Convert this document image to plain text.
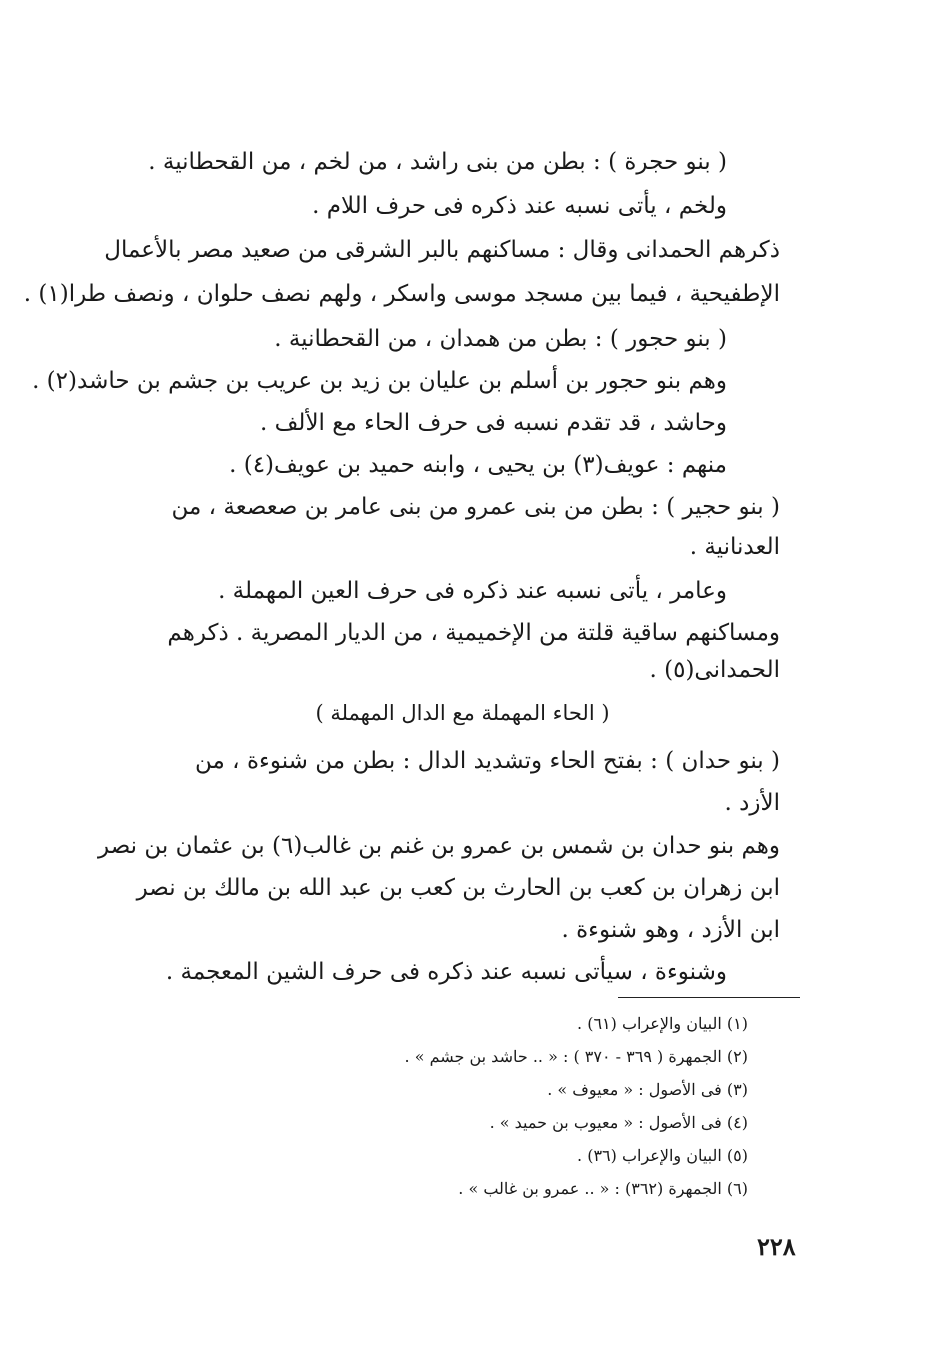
( بنو حجرة ) : بطن من بنى راشد ، من لخم ، من القحطانية .
ولخم ، يأتى نسبه عند ذكره فى حرف اللام .
ذكرهم الحمدانى وقال : مساكنهم بالبر الشرقى من صعيد مصر بالأعمال
الإطفيحية ، فيما بين مسجد موسى واسكر ، ولهم نصف حلوان ، ونصف طرا(١) .
( بنو حجور ) : بطن من همدان ، من القحطانية .
وهم بنو حجور بن أسلم بن عليان بن زيد بن عريب بن جشم بن حاشد(٢) .
وحاشد ، قد تقدم نسبه فى حرف الحاء مع الألف .
منهم : عويف(٣) بن يحيى ، وابنه حميد بن عويف(٤) .
( بنو حجير ) : بطن من بنى عمرو من بنى عامر بن صعصعة ، من
العدنانية .
وعامر ، يأتى نسبه عند ذكره فى حرف العين المهملة .
ومساكنهم ساقية قلتة من الإخميمية ، من الديار المصرية . ذكرهم
الحمدانى(٥) .
( الحاء المهملة مع الدال المهملة )
( بنو حدان ) : بفتح الحاء وتشديد الدال : بطن من شنوءة ، من
الأزد .
وهم بنو حدان بن شمس بن عمرو بن غنم بن غالب(٦) بن عثمان بن نصر
ابن زهران بن كعب بن الحارث بن كعب بن عبد الله بن مالك بن نصر
ابن الأزد ، وهو شنوءة .
وشنوءة ، سيأتى نسبه عند ذكره فى حرف الشين المعجمة .
(١) البيان والإعراب (٦١) .
(٢) الجمهرة ( ٣٦٩ - ٣٧٠ ) : « .. حاشد بن جشم » .
(٣) فى الأصول : « معيوف » .
(٤) فى الأصول : « معيوب بن حميد » .
(٥) البيان والإعراب (٣٦) .
(٦) الجمهرة (٣٦٢) : « .. عمرو بن غالب » .
٢٢٨
